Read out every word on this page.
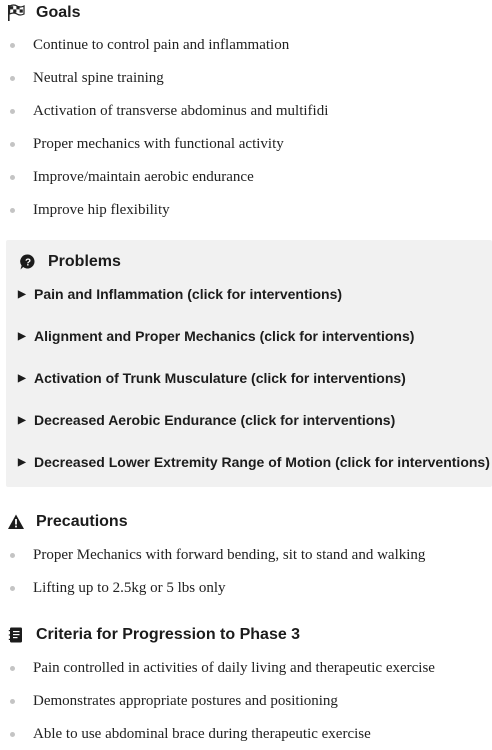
Goals
Continue to control pain and inflammation
Neutral spine training
Activation of transverse abdominus and multifidi
Proper mechanics with functional activity
Improve/maintain aerobic endurance
Improve hip flexibility
? Problems
▶ Pain and Inflammation (click for interventions)
▶ Alignment and Proper Mechanics (click for interventions)
▶ Activation of Trunk Musculature (click for interventions)
▶ Decreased Aerobic Endurance (click for interventions)
▶ Decreased Lower Extremity Range of Motion (click for interventions)
Precautions
Proper Mechanics with forward bending, sit to stand and walking
Lifting up to 2.5kg or 5 lbs only
Criteria for Progression to Phase 3
Pain controlled in activities of daily living and therapeutic exercise
Demonstrates appropriate postures and positioning
Able to use abdominal brace during therapeutic exercise
